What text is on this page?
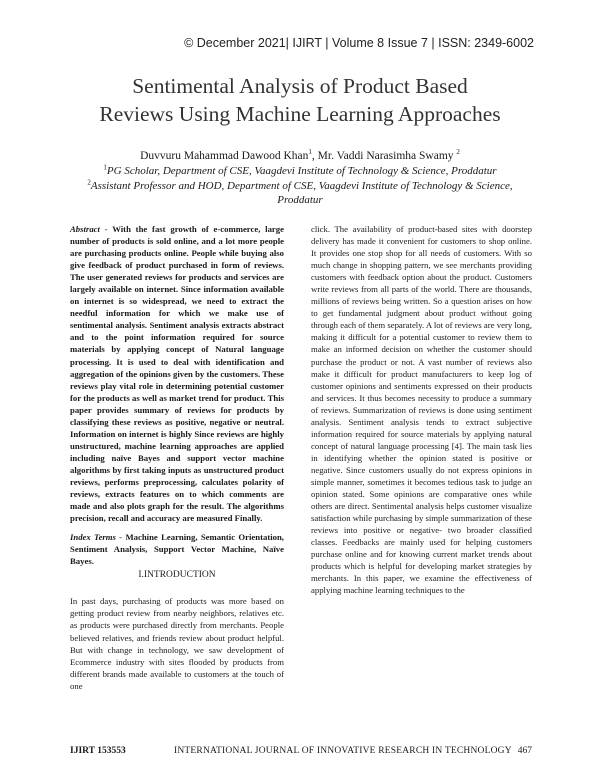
© December 2021| IJIRT | Volume 8 Issue 7 | ISSN: 2349-6002
Sentimental Analysis of Product Based
Reviews Using Machine Learning Approaches
Duvvuru Mahammad Dawood Khan$^1$, Mr. Vaddi Narasimha Swamy $^2$
$^1$PG Scholar, Department of CSE, Vaagdevi Institute of Technology & Science, Proddatur
$^2$Assistant Professor and HOD, Department of CSE, Vaagdevi Institute of Technology & Science,
Proddatur

Abstract - With the fast growth of e-commerce, large number of products is sold online, and a lot more people are purchasing products online. People while buying also give feedback of product purchased in form of reviews. The user generated reviews for products and services are largely available on internet. Since information available on internet is so widespread, we need to extract the needful information for which we make use of sentimental analysis. Sentiment analysis extracts abstract and to the point information required for source materials by applying concept of Natural language processing. It is used to deal with identification and aggregation of the opinions given by the customers. These reviews play vital role in determining potential customer for the products as well as market trend for product. This paper provides summary of reviews for products by classifying these reviews as positive, negative or neutral. Information on internet is highly Since reviews are highly unstructured, machine learning approaches are applied including naïve Bayes and support vector machine algorithms by first taking inputs as unstructured product reviews, performs preprocessing, calculates polarity of reviews, extracts features on to which comments are made and also plots graph for the result. The algorithms precision, recall and accuracy are measured Finally.

Index Terms - Machine Learning, Semantic Orientation, Sentiment Analysis, Support Vector Machine, Naïve Bayes.

I.INTRODUCTION

In past days, purchasing of products was more based on getting product review from nearby neighbors, relatives etc. as products were purchased directly from merchants. People believed relatives, and friends review about product helpful. But with change in technology, we saw development of Ecommerce industry with sites flooded by products from different brands made available to customers at the touch of one

click. The availability of product-based sites with doorstep delivery has made it convenient for customers to shop online. It provides one stop shop for all needs of customers. With so much change in shopping pattern, we see merchants providing customers with feedback option about the product. Customers write reviews from all parts of the world. There are thousands, millions of reviews being written. So a question arises on how to get fundamental judgment about product without going through each of them separately. A lot of reviews are very long, making it difficult for a potential customer to review them to make an informed decision on whether the customer should purchase the product or not. A vast number of reviews also make it difficult for product manufacturers to keep log of customer opinions and sentiments expressed on their products and services. It thus becomes necessity to produce a summary of reviews. Summarization of reviews is done using sentiment analysis. Sentiment analysis tends to extract subjective information required for source materials by applying natural concept of natural language processing [4]. The main task lies in identifying whether the opinion stated is positive or negative. Since customers usually do not express opinions in simple manner, sometimes it becomes tedious task to judge an opinion stated. Some opinions are comparative ones while others are direct. Sentimental analysis helps customer visualize satisfaction while purchasing by simple summarization of these reviews into positive or negative- two broader classified classes. Feedbacks are mainly used for helping customers purchase online and for knowing current market trends about products which is helpful for developing market strategies by merchants. In this paper, we examine the effectiveness of applying machine learning techniques to the

IJIRT 153553	INTERNATIONAL JOURNAL OF INNOVATIVE RESEARCH IN TECHNOLOGY 467
